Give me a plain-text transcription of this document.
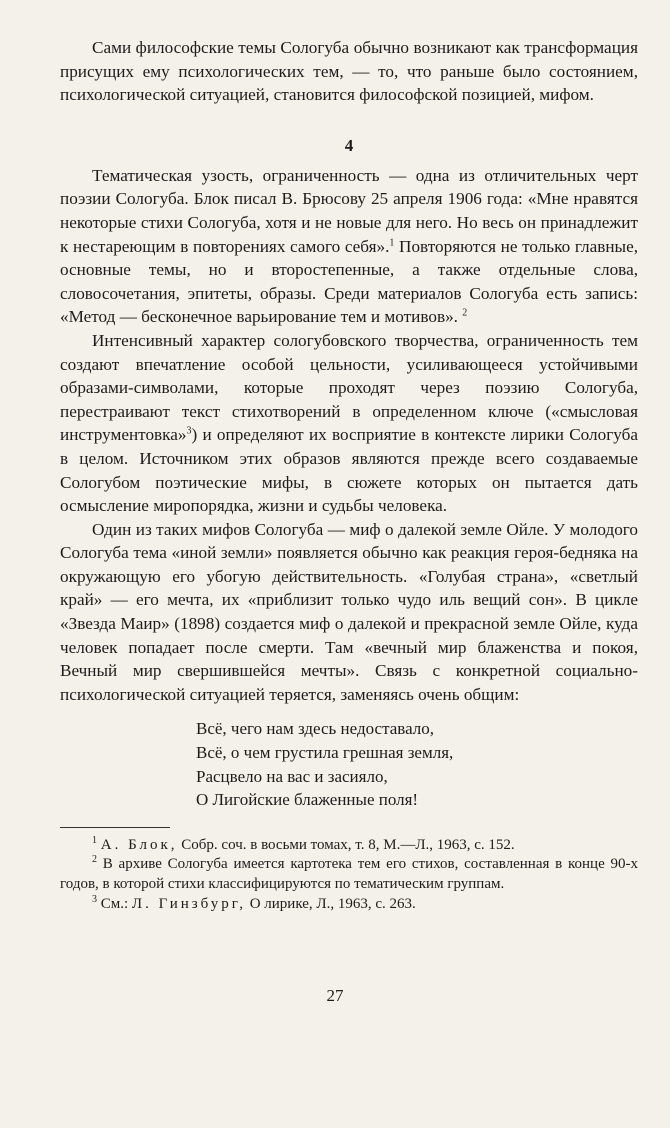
Сами философские темы Сологуба обычно возникают как трансформация присущих ему психологических тем, — то, что раньше было состоянием, психологической ситуацией, становится философской позицией, мифом.

4

Тематическая узость, ограниченность — одна из отличительных черт поэзии Сологуба. Блок писал В. Брюсову 25 апреля 1906 года: «Мне нравятся некоторые стихи Сологуба, хотя и не новые для него. Но весь он принадлежит к нестареющим в повторениях самого себя».$^1$ Повторяются не только главные, основные темы, но и второстепенные, а также отдельные слова, словосочетания, эпитеты, образы. Среди материалов Сологуба есть запись: «Метод — бесконечное варьирование тем и мотивов». $^2$

Интенсивный характер сологубовского творчества, ограниченность тем создают впечатление особой цельности, усиливающееся устойчивыми образами-символами, которые проходят через поэзию Сологуба, перестраивают текст стихотворений в определенном ключе («смысловая инструментовка»$^3$) и определяют их восприятие в контексте лирики Сологуба в целом. Источником этих образов являются прежде всего создаваемые Сологубом поэтические мифы, в сюжете которых он пытается дать осмысление миропорядка, жизни и судьбы человека.

Один из таких мифов Сологуба — миф о далекой земле Ойле. У молодого Сологуба тема «иной земли» появляется обычно как реакция героя-бедняка на окружающую его убогую действительность. «Голубая страна», «светлый край» — его мечта, их «приблизит только чудо иль вещий сон». В цикле «Звезда Маир» (1898) создается миф о далекой и прекрасной земле Ойле, куда человек попадает после смерти. Там «вечный мир блаженства и покоя, Вечный мир свершившейся мечты». Связь с конкретной социально-психологической ситуацией теряется, заменяясь очень общим:

Всё, чего нам здесь недоставало,
Всё, о чем грустила грешная земля,
Расцвело на вас и засияло,
О Лигойские блаженные поля!

$^1$ А. Блок, Собр. соч. в восьми томах, т. 8, М.—Л., 1963, с. 152.

$^2$ В архиве Сологуба имеется картотека тем его стихов, составленная в конце 90-х годов, в которой стихи классифицируются по тематическим группам.

$^3$ См.: Л. Гинзбург, О лирике, Л., 1963, с. 263.

27
